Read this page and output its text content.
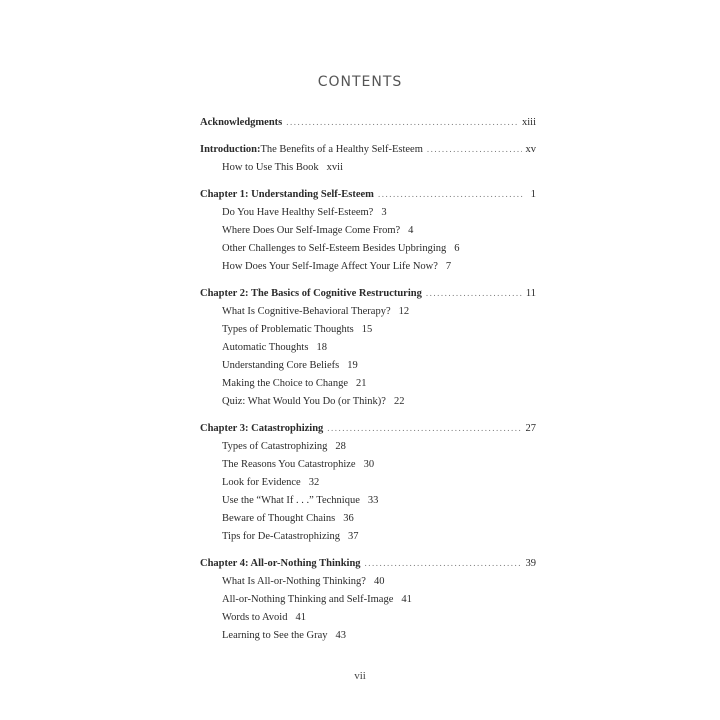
CONTENTS
Acknowledgments .....	xiii
Introduction: The Benefits of a Healthy Self-Esteem .....	xv
How to Use This Book xvii
Chapter 1: Understanding Self-Esteem .....	1
Do You Have Healthy Self-Esteem? 3
Where Does Our Self-Image Come From? 4
Other Challenges to Self-Esteem Besides Upbringing 6
How Does Your Self-Image Affect Your Life Now? 7
Chapter 2: The Basics of Cognitive Restructuring .....	11
What Is Cognitive-Behavioral Therapy? 12
Types of Problematic Thoughts 15
Automatic Thoughts 18
Understanding Core Beliefs 19
Making the Choice to Change 21
Quiz: What Would You Do (or Think)? 22
Chapter 3: Catastrophizing .....	27
Types of Catastrophizing 28
The Reasons You Catastrophize 30
Look for Evidence 32
Use the “What If . . .” Technique 33
Beware of Thought Chains 36
Tips for De-Catastrophizing 37
Chapter 4: All-or-Nothing Thinking .....	39
What Is All-or-Nothing Thinking? 40
All-or-Nothing Thinking and Self-Image 41
Words to Avoid 41
Learning to See the Gray 43
vii
